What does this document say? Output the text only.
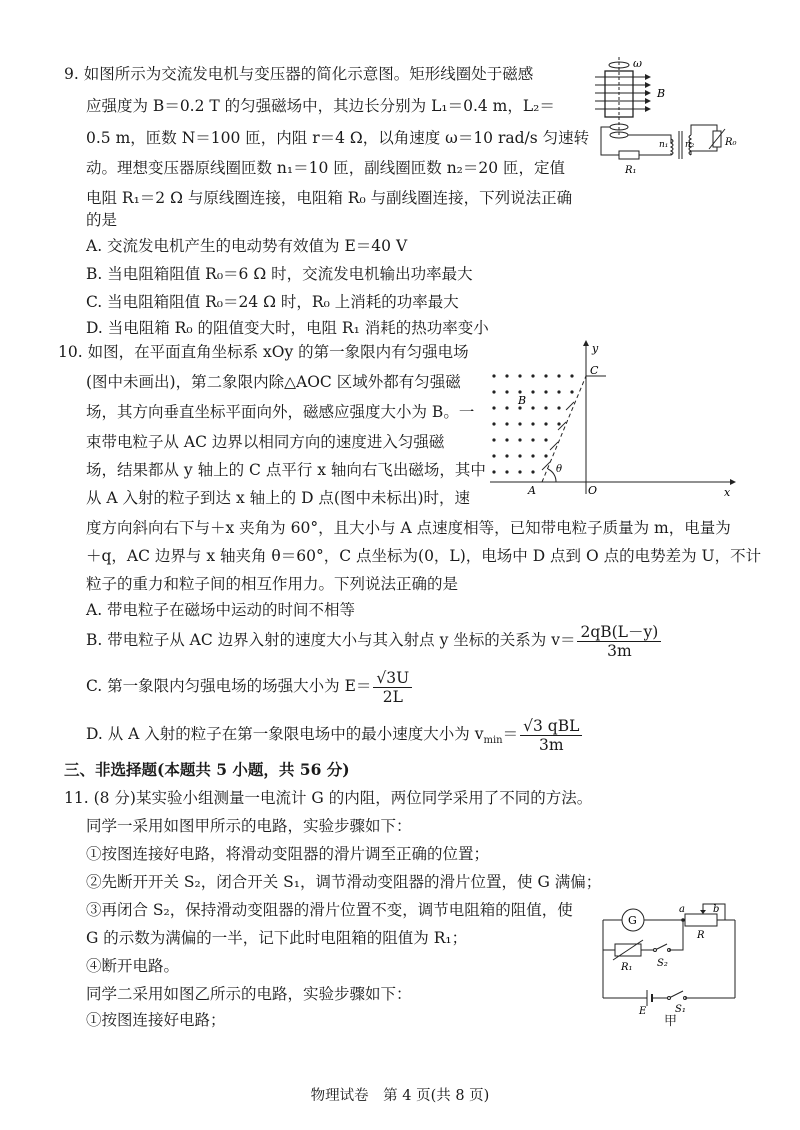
9. 如图所示为交流发电机与变压器的简化示意图。矩形线圈处于磁感
应强度为 B＝0.2 T 的匀强磁场中，其边长分别为 L₁＝0.4 m，L₂＝
0.5 m，匝数 N＝100 匝，内阻 r＝4 Ω，以角速度 ω＝10 rad/s 匀速转
动。理想变压器原线圈匝数 n₁＝10 匝，副线圈匝数 n₂＝20 匝，定值
电阻 R₁＝2 Ω 与原线圈连接，电阻箱 R₀ 与副线圈连接，下列说法正确
的是
A. 交流发电机产生的电动势有效值为 E＝40 V
B. 当电阻箱阻值 R₀＝6 Ω 时，交流发电机输出功率最大
C. 当电阻箱阻值 R₀＝24 Ω 时，R₀ 上消耗的功率最大
D. 当电阻箱 R₀ 的阻值变大时，电阻 R₁ 消耗的热功率变小
ω
B
n₁ n₂	R₀
R₁
10. 如图，在平面直角坐标系 xOy 的第一象限内有匀强电场
(图中未画出)，第二象限内除△AOC 区域外都有匀强磁
场，其方向垂直坐标平面向外，磁感应强度大小为 B。一
束带电粒子从 AC 边界以相同方向的速度进入匀强磁
场，结果都从 y 轴上的 C 点平行 x 轴向右飞出磁场，其中
从 A 入射的粒子到达 x 轴上的 D 点(图中未标出)时，速
度方向斜向右下与＋x 夹角为 60°，且大小与 A 点速度相等，已知带电粒子质量为 m，电量为
＋q，AC 边界与 x 轴夹角 θ＝60°，C 点坐标为(0，L)，电场中 D 点到 O 点的电势差为 U，不计
粒子的重力和粒子间的相互作用力。下列说法正确的是
A. 带电粒子在磁场中运动的时间不相等
B. 带电粒子从 AC 边界入射的速度大小与其入射点 y 坐标的关系为 $v= \frac{2qB(L-y)}{3m}$
C. 第一象限内匀强电场的场强大小为 $E= \frac{√3U}{2L}$
D. 从 A 入射的粒子在第一象限电场中的最小速度大小为 $v_{min}= \frac{\text{√3 qBL}}{3m}$
y
x
C
B
A	O
θ
三、非选择题(本题共 5 小题，共 56 分)
11. (8 分)某实验小组测量一电流计 G 的内阻，两位同学采用了不同的方法。
同学一采用如图甲所示的电路，实验步骤如下：
①按图连接好电路，将滑动变阻器的滑片调至正确的位置；
②先断开开关 S₂，闭合开关 S₁，调节滑动变阻器的滑片位置，使 G 满偏；
③再闭合 S₂，保持滑动变阻器的滑片位置不变，调节电阻箱的阻值，使
G 的示数为满偏的一半，记下此时电阻箱的阻值为 R₁；
④断开电路。
同学二采用如图乙所示的电路，实验步骤如下：
①按图连接好电路；
G
a	b
R
R₁ S₂
E	S₁
甲
物理试卷　第 4 页(共 8 页)
